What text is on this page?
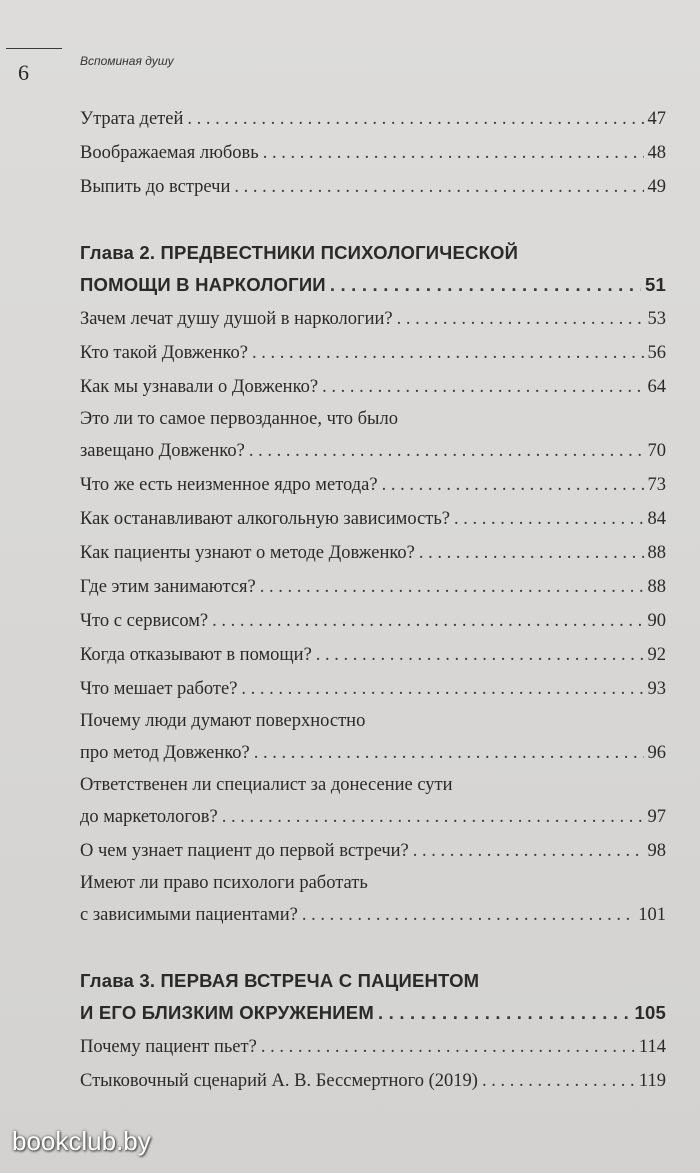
6	Вспоминая душу
Утрата детей . . .	47
Воображаемая любовь . . .	48
Выпить до встречи . . .	49
Глава 2. ПРЕДВЕСТНИКИ ПСИХОЛОГИЧЕСКОЙ
ПОМОЩИ В НАРКОЛОГИИ . . .	51
Зачем лечат душу душой в наркологии? . . .	53
Кто такой Довженко? . . .	56
Как мы узнавали о Довженко? . . .	64
Это ли то самое первозданное, что было
завещано Довженко? . . .	70
Что же есть неизменное ядро метода? . . .	73
Как останавливают алкогольную зависимость? . . .	84
Как пациенты узнают о методе Довженко? . . .	88
Где этим занимаются? . . .	88
Что с сервисом? . . .	90
Когда отказывают в помощи? . . .	92
Что мешает работе? . . .	93
Почему люди думают поверхностно
про метод Довженко? . . .	96
Ответственен ли специалист за донесение сути
до маркетологов? . . .	97
О чем узнает пациент до первой встречи? . . .	98
Имеют ли право психологи работать
с зависимыми пациентами? . . .	101
Глава 3. ПЕРВАЯ ВСТРЕЧА С ПАЦИЕНТОМ
И ЕГО БЛИЗКИМ ОКРУЖЕНИЕМ . . .	105
Почему пациент пьет? . . .	114
Стыковочный сценарий А. В. Бессмертного (2019) . . .	119
bookclub.by
